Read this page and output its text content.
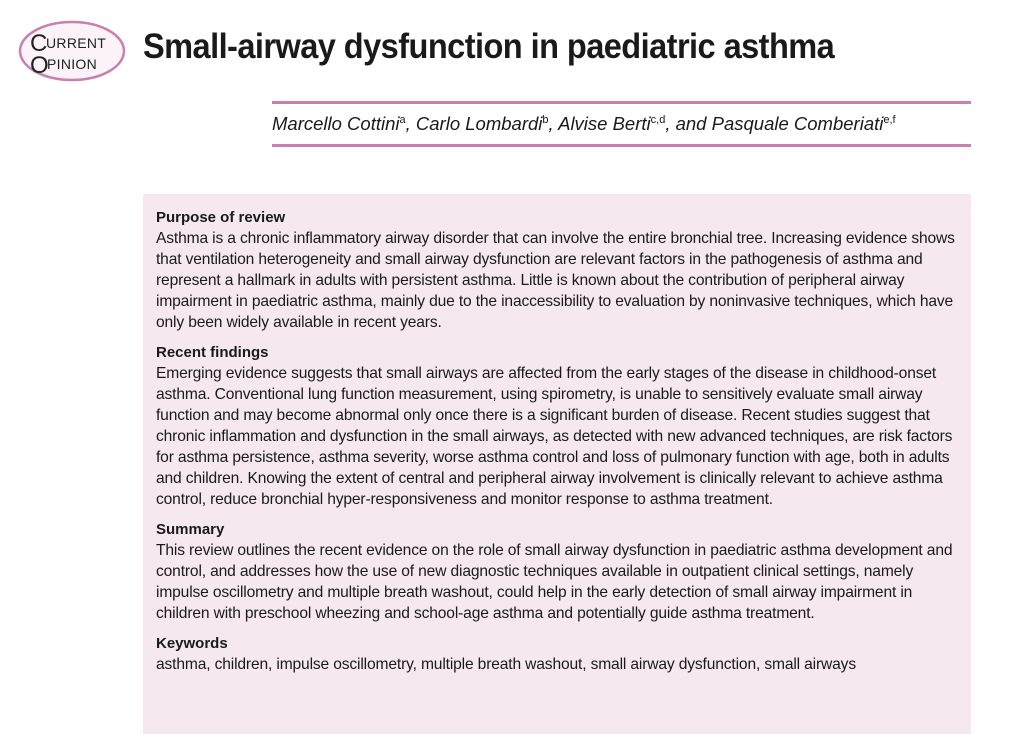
C
URRENT
O
PINION Small-airway dysfunction in paediatric asthma
Marcello Cottini$^a$, Carlo Lombardi$^b$, Alvise Berti$^{c,d}$, and Pasquale Comberiati$^{e,f}$
Purpose of review

Asthma is a chronic inflammatory airway disorder that can involve the entire bronchial tree. Increasing evidence shows that ventilation heterogeneity and small airway dysfunction are relevant factors in the pathogenesis of asthma and represent a hallmark in adults with persistent asthma. Little is known about the contribution of peripheral airway impairment in paediatric asthma, mainly due to the inaccessibility to evaluation by noninvasive techniques, which have only been widely available in recent years.

Recent findings

Emerging evidence suggests that small airways are affected from the early stages of the disease in childhood-onset asthma. Conventional lung function measurement, using spirometry, is unable to sensitively evaluate small airway function and may become abnormal only once there is a significant burden of disease. Recent studies suggest that chronic inflammation and dysfunction in the small airways, as detected with new advanced techniques, are risk factors for asthma persistence, asthma severity, worse asthma control and loss of pulmonary function with age, both in adults and children. Knowing the extent of central and peripheral airway involvement is clinically relevant to achieve asthma control, reduce bronchial hyper-responsiveness and monitor response to asthma treatment.

Summary

This review outlines the recent evidence on the role of small airway dysfunction in paediatric asthma development and control, and addresses how the use of new diagnostic techniques available in outpatient clinical settings, namely impulse oscillometry and multiple breath washout, could help in the early detection of small airway impairment in children with preschool wheezing and school-age asthma and potentially guide asthma treatment.

Keywords

asthma, children, impulse oscillometry, multiple breath washout, small airway dysfunction, small airways
